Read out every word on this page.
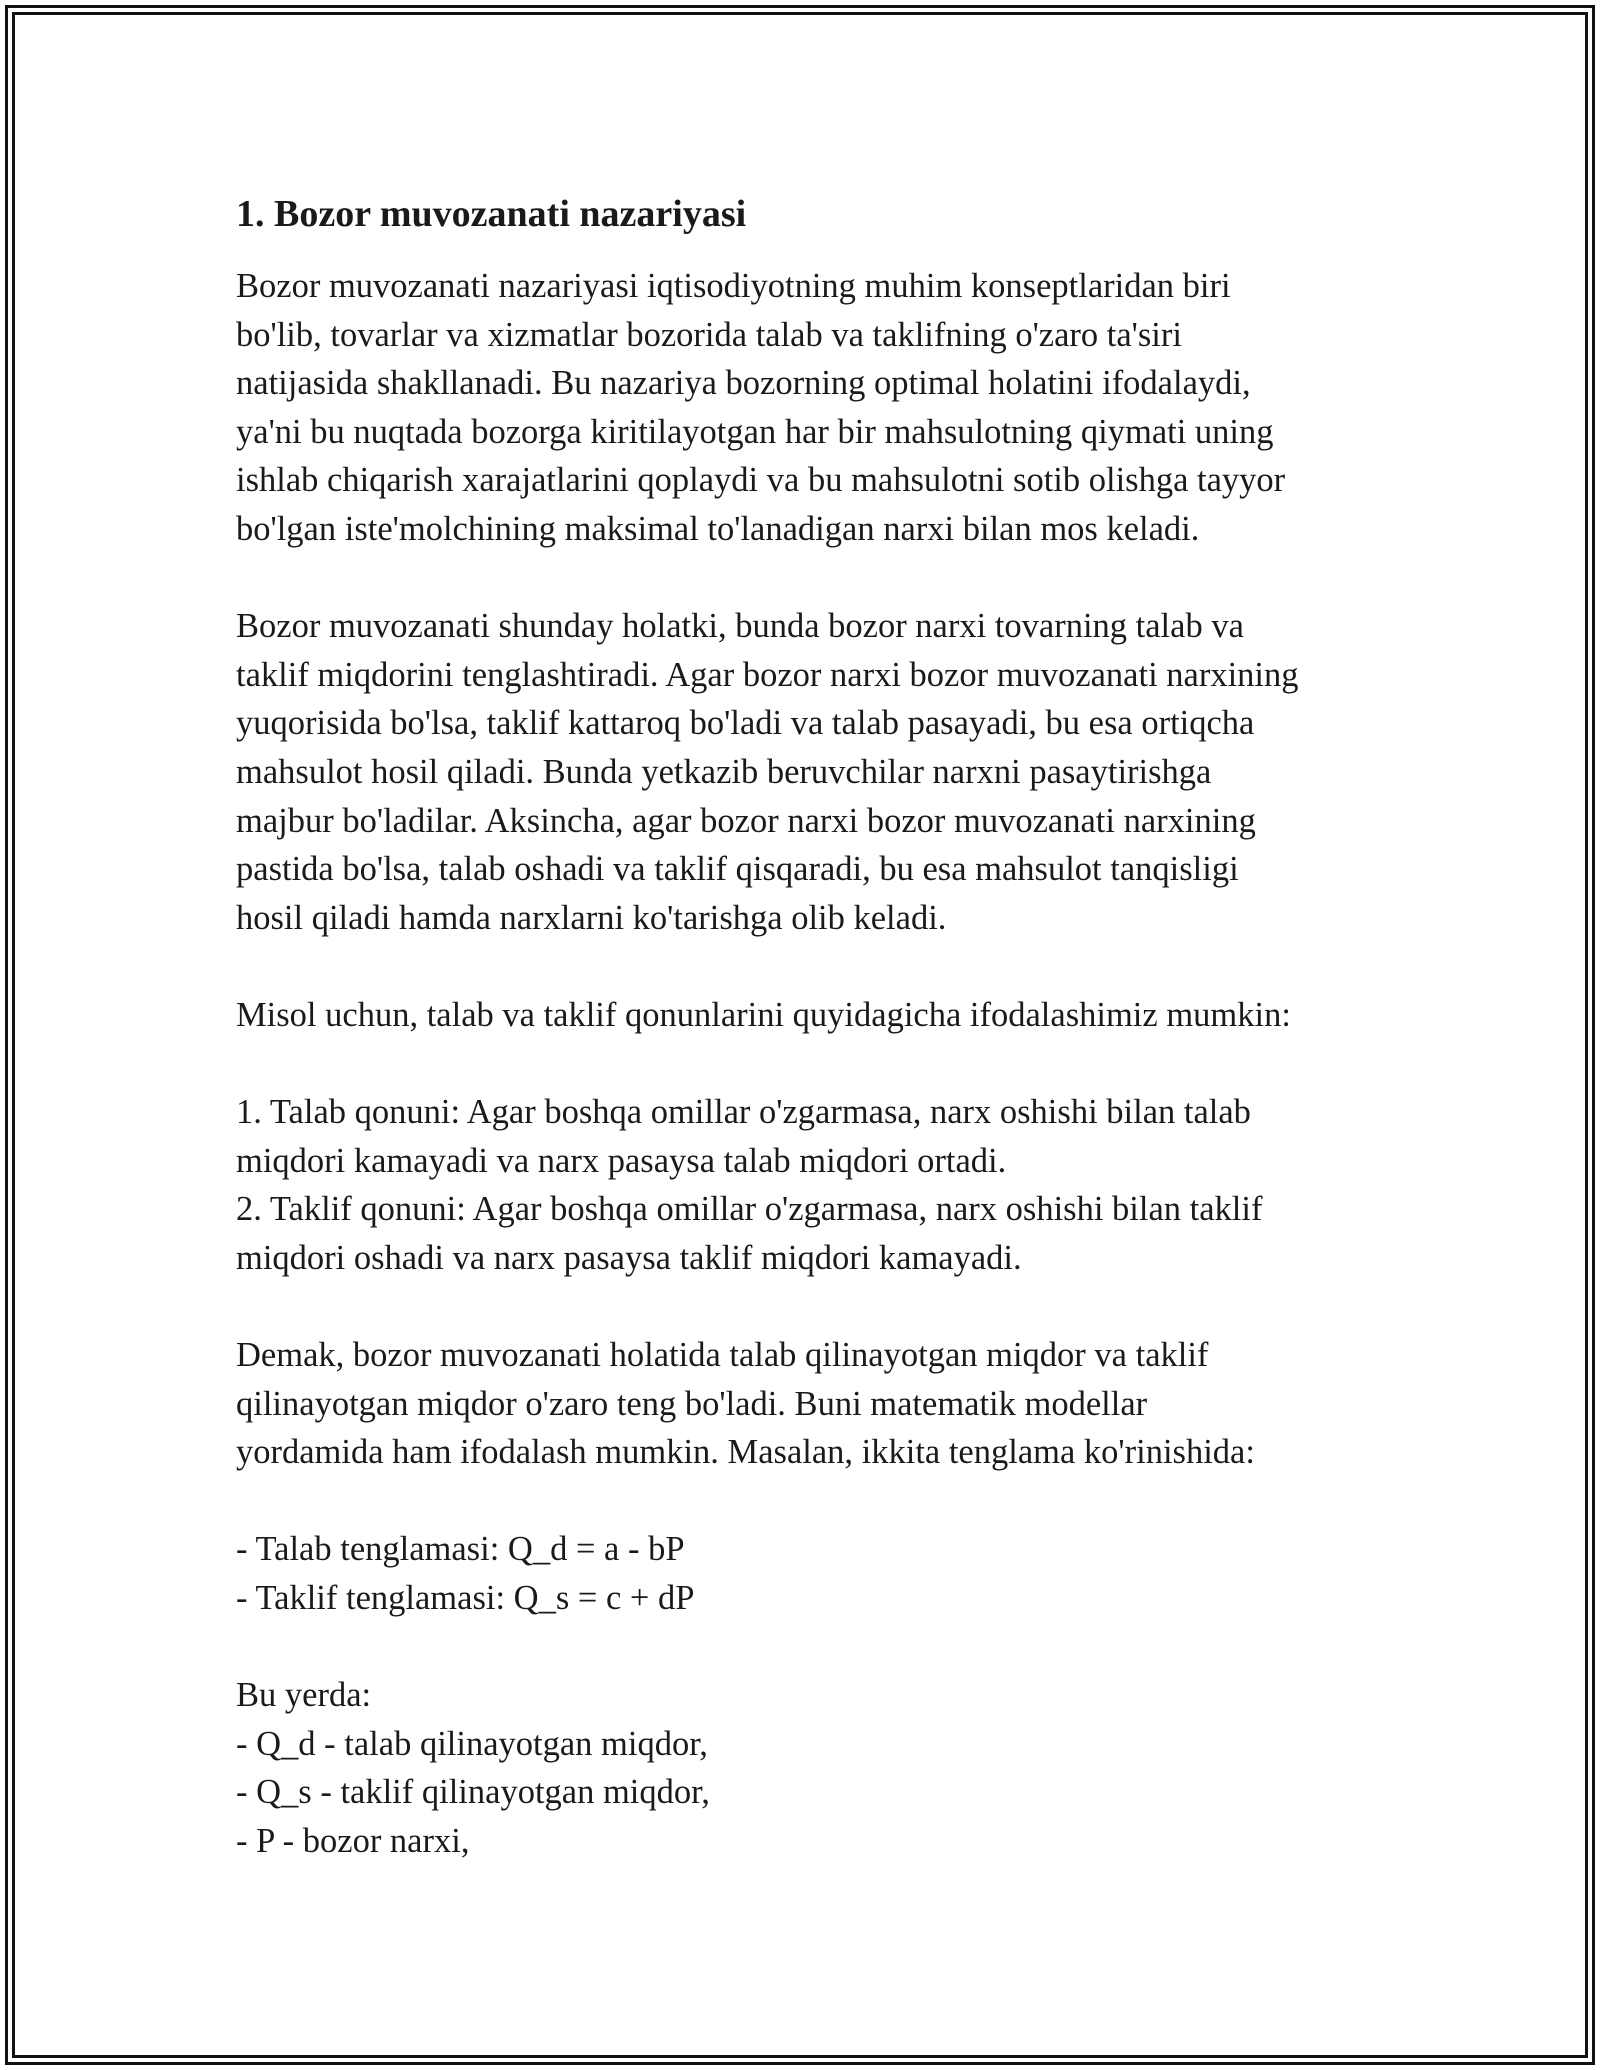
1. Bozor muvozanati nazariyasi
Bozor muvozanati nazariyasi iqtisodiyotning muhim konseptlaridan biri
bo'lib, tovarlar va xizmatlar bozorida talab va taklifning o'zaro ta'siri
natijasida shakllanadi. Bu nazariya bozorning optimal holatini ifodalaydi,
ya'ni bu nuqtada bozorga kiritilayotgan har bir mahsulotning qiymati uning
ishlab chiqarish xarajatlarini qoplaydi va bu mahsulotni sotib olishga tayyor
bo'lgan iste'molchining maksimal to'lanadigan narxi bilan mos keladi.
Bozor muvozanati shunday holatki, bunda bozor narxi tovarning talab va
taklif miqdorini tenglashtiradi. Agar bozor narxi bozor muvozanati narxining
yuqorisida bo'lsa, taklif kattaroq bo'ladi va talab pasayadi, bu esa ortiqcha
mahsulot hosil qiladi. Bunda yetkazib beruvchilar narxni pasaytirishga
majbur bo'ladilar. Aksincha, agar bozor narxi bozor muvozanati narxining
pastida bo'lsa, talab oshadi va taklif qisqaradi, bu esa mahsulot tanqisligi
hosil qiladi hamda narxlarni ko'tarishga olib keladi.
Misol uchun, talab va taklif qonunlarini quyidagicha ifodalashimiz mumkin:
1. Talab qonuni: Agar boshqa omillar o'zgarmasa, narx oshishi bilan talab
miqdori kamayadi va narx pasaysa talab miqdori ortadi.
2. Taklif qonuni: Agar boshqa omillar o'zgarmasa, narx oshishi bilan taklif
miqdori oshadi va narx pasaysa taklif miqdori kamayadi.
Demak, bozor muvozanati holatida talab qilinayotgan miqdor va taklif
qilinayotgan miqdor o'zaro teng bo'ladi. Buni matematik modellar
yordamida ham ifodalash mumkin. Masalan, ikkita tenglama ko'rinishida:
- Talab tenglamasi: Q_d = a - bP
- Taklif tenglamasi: Q_s = c + dP
Bu yerda:
- Q_d - talab qilinayotgan miqdor,
- Q_s - taklif qilinayotgan miqdor,
- P - bozor narxi,
